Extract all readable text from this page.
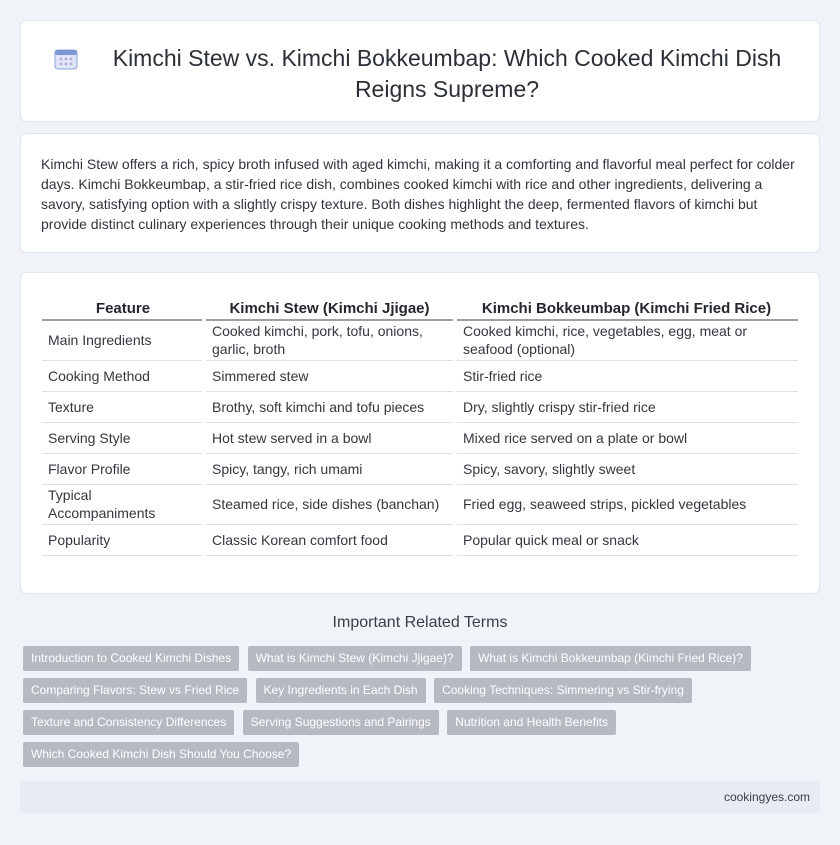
Kimchi Stew vs. Kimchi Bokkeumbap: Which Cooked Kimchi Dish Reigns Supreme?

Kimchi Stew offers a rich, spicy broth infused with aged kimchi, making it a comforting and flavorful meal perfect for colder days. Kimchi Bokkeumbap, a stir-fried rice dish, combines cooked kimchi with rice and other ingredients, delivering a savory, satisfying option with a slightly crispy texture. Both dishes highlight the deep, fermented flavors of kimchi but provide distinct culinary experiences through their unique cooking methods and textures.

Feature	Kimchi Stew (Kimchi Jjigae)	Kimchi Bokkeumbap (Kimchi Fried Rice)
Main Ingredients	Cooked kimchi, pork, tofu, onions, garlic, broth	Cooked kimchi, rice, vegetables, egg, meat or seafood (optional)
Cooking Method	Simmered stew	Stir-fried rice
Texture	Brothy, soft kimchi and tofu pieces	Dry, slightly crispy stir-fried rice
Serving Style	Hot stew served in a bowl	Mixed rice served on a plate or bowl
Flavor Profile	Spicy, tangy, rich umami	Spicy, savory, slightly sweet
Typical Accompaniments	Steamed rice, side dishes (banchan)	Fried egg, seaweed strips, pickled vegetables
Popularity	Classic Korean comfort food	Popular quick meal or snack
Important Related Terms
Introduction to Cooked Kimchi Dishes What is Kimchi Stew (Kimchi Jjigae)? What is Kimchi Bokkeumbap (Kimchi Fried Rice)?
Comparing Flavors: Stew vs Fried Rice Key Ingredients in Each Dish Cooking Techniques: Simmering vs Stir-frying
Texture and Consistency Differences Serving Suggestions and Pairings Nutrition and Health Benefits
Which Cooked Kimchi Dish Should You Choose?
cookingyes.com
